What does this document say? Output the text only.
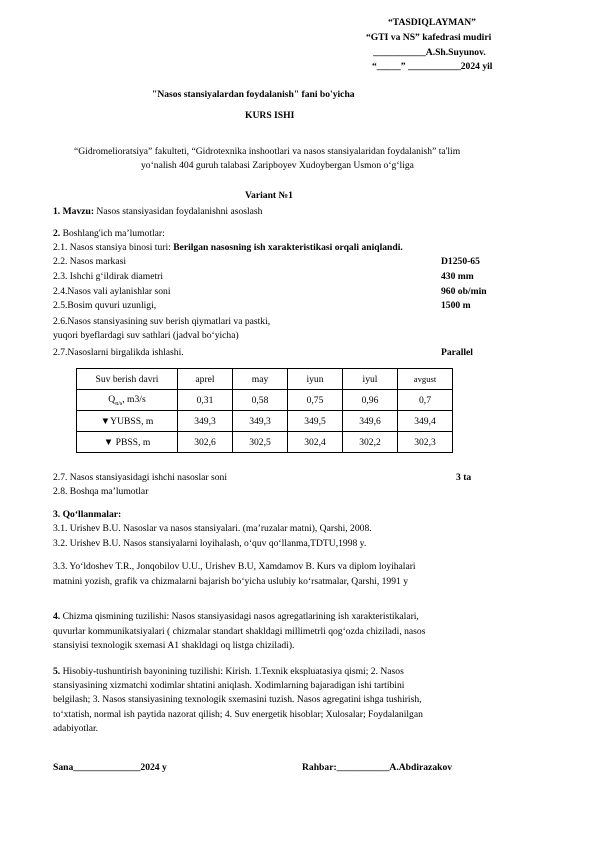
“TASDIQLAYMAN”
“GTI va NS” kafedrasi mudiri
___________A.Sh.Suyunov.
“_____” ___________2024 yil
"Nasos stansiyalardan foydalanish" fani bo'yicha
KURS ISHI
“Gidromelioratsiya” fakulteti, “Gidrotexnika inshootlari va nasos stansiyalaridan foydalanish” ta'lim
yo‘nalish 404 guruh talabasi Zaripboyev Xudoybergan Usmon o‘g‘liga
Variant №1
1. Mavzu: Nasos stansiyasidan foydalanishni asoslash
2. Boshlang'ich ma’lumotlar:
2.1. Nasos stansiya binosi turi: Berilgan nasosning ish xarakteristikasi orqali aniqlandi.
2.2. Nasos markasi	D1250-65
2.3. Ishchi g‘ildirak diametri	430 mm
2.4.Nasos vali aylanishlar soni	960 ob/min
2.5.Bosim quvuri uzunligi,	1500 m
2.6.Nasos stansiyasining suv berish qiymatlari va pastki,
yuqori byeflardagi suv sathlari (jadval bo‘yicha)
2.7.Nasoslarni birgalikda ishlashi.	Parallel
Suv berish davri	aprel	may	iyun	iyul	avgust
$Q_{n/s}$, m3/s	0,31	0,58	0,75	0,96	0,7
▼YUBSS, m	349,3	349,3	349,5	349,6	349,4
▼ PBSS, m	302,6	302,5	302,4	302,2	302,3
2.7. Nasos stansiyasidagi ishchi nasoslar soni	3 ta
2.8. Boshqa ma’lumotlar
3. Qo‘llanmalar:
3.1. Urishev B.U. Nasoslar va nasos stansiyalari. (ma’ruzalar matni), Qarshi, 2008.
3.2. Urishev B.U. Nasos stansiyalarni loyihalash, o‘quv qo‘llanma,TDTU,1998 y.
3.3. Yo‘ldoshev T.R., Jonqobilov U.U., Urishev B.U, Xamdamov B. Kurs va diplom loyihalari
matnini yozish, grafik va chizmalarni bajarish bo‘yicha uslubiy ko‘rsatmalar, Qarshi, 1991 y
4. Chizma qismining tuzilishi: Nasos stansiyasidagi nasos agregatlarining ish xarakteristikalari,
quvurlar kommunikatsiyalari ( chizmalar standart shakldagi millimetrli qog‘ozda chiziladi, nasos
stansiyisi texnologik sxemasi A1 shakldagi oq listga chiziladi).
5. Hisobiy-tushuntirish bayonining tuzilishi: Kirish. 1.Texnik ekspluatasiya qismi; 2. Nasos
stansiyasining xizmatchi xodimlar shtatini aniqlash. Xodimlarning bajaradigan ishi tartibini
belgilash; 3. Nasos stansiyasining texnologik sxemasini tuzish. Nasos agregatini ishga tushirish,
to‘xtatish, normal ish paytida nazorat qilish; 4. Suv energetik hisoblar; Xulosalar; Foydalanilgan
adabiyotlar.
Sana______________2024 y	Rahbar:___________A.Abdirazakov
